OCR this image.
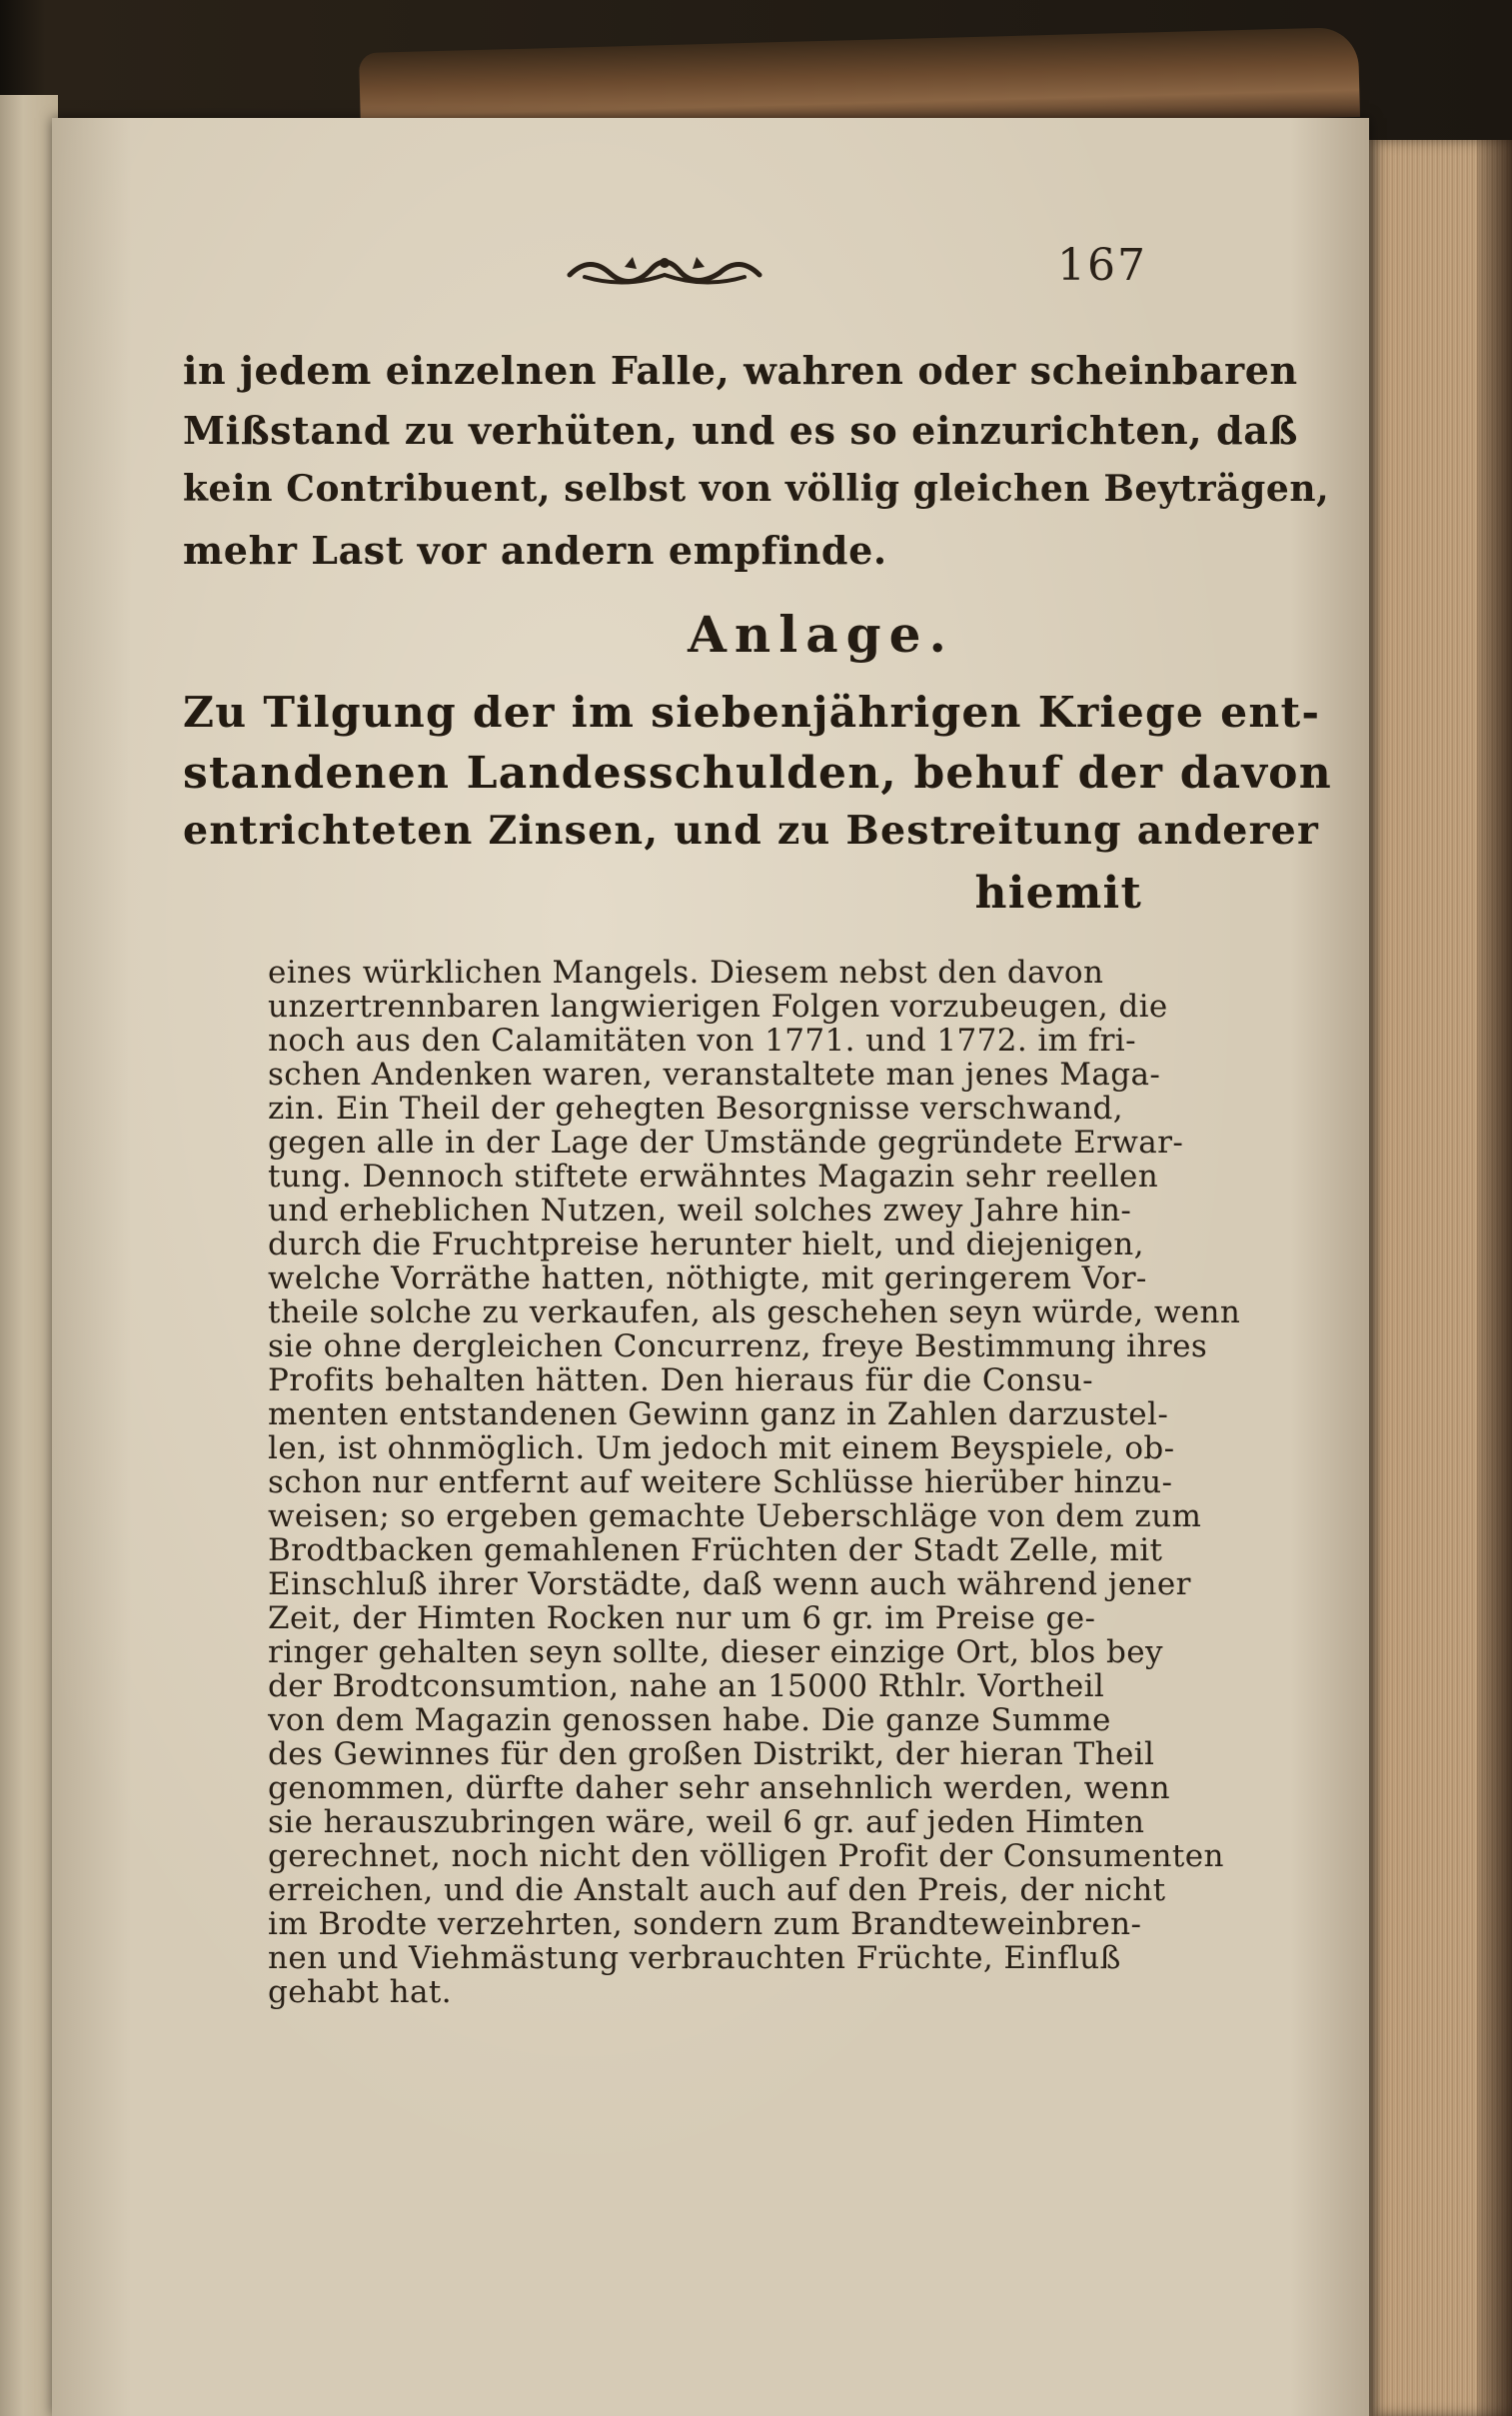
167
in jedem einzelnen Falle, wahren oder scheinbaren
Mißstand zu verhüten, und es so einzurichten, daß
kein Contribuent, selbst von völlig gleichen Beyträgen,
mehr Last vor andern empfinde.
Anlage.
Zu Tilgung der im siebenjährigen Kriege ent-
standenen Landesschulden, behuf der davon
entrichteten Zinsen, und zu Bestreitung anderer
hiemit
eines würklichen Mangels. Diesem nebst den davon
unzertrennbaren langwierigen Folgen vorzubeugen, die
noch aus den Calamitäten von 1771. und 1772. im fri-
schen Andenken waren, veranstaltete man jenes Maga-
zin. Ein Theil der gehegten Besorgnisse verschwand,
gegen alle in der Lage der Umstände gegründete Erwar-
tung. Dennoch stiftete erwähntes Magazin sehr reellen
und erheblichen Nutzen, weil solches zwey Jahre hin-
durch die Fruchtpreise herunter hielt, und diejenigen,
welche Vorräthe hatten, nöthigte, mit geringerem Vor-
theile solche zu verkaufen, als geschehen seyn würde, wenn
sie ohne dergleichen Concurrenz, freye Bestimmung ihres
Profits behalten hätten. Den hieraus für die Consu-
menten entstandenen Gewinn ganz in Zahlen darzustel-
len, ist ohnmöglich. Um jedoch mit einem Beyspiele, ob-
schon nur entfernt auf weitere Schlüsse hierüber hinzu-
weisen; so ergeben gemachte Ueberschläge von dem zum
Brodtbacken gemahlenen Früchten der Stadt Zelle, mit
Einschluß ihrer Vorstädte, daß wenn auch während jener
Zeit, der Himten Rocken nur um 6 gr. im Preise ge-
ringer gehalten seyn sollte, dieser einzige Ort, blos bey
der Brodtconsumtion, nahe an 15000 Rthlr. Vortheil
von dem Magazin genossen habe. Die ganze Summe
des Gewinnes für den großen Distrikt, der hieran Theil
genommen, dürfte daher sehr ansehnlich werden, wenn
sie herauszubringen wäre, weil 6 gr. auf jeden Himten
gerechnet, noch nicht den völligen Profit der Consumenten
erreichen, und die Anstalt auch auf den Preis, der nicht
im Brodte verzehrten, sondern zum Brandteweinbren-
nen und Viehmästung verbrauchten Früchte, Einfluß
gehabt hat.
